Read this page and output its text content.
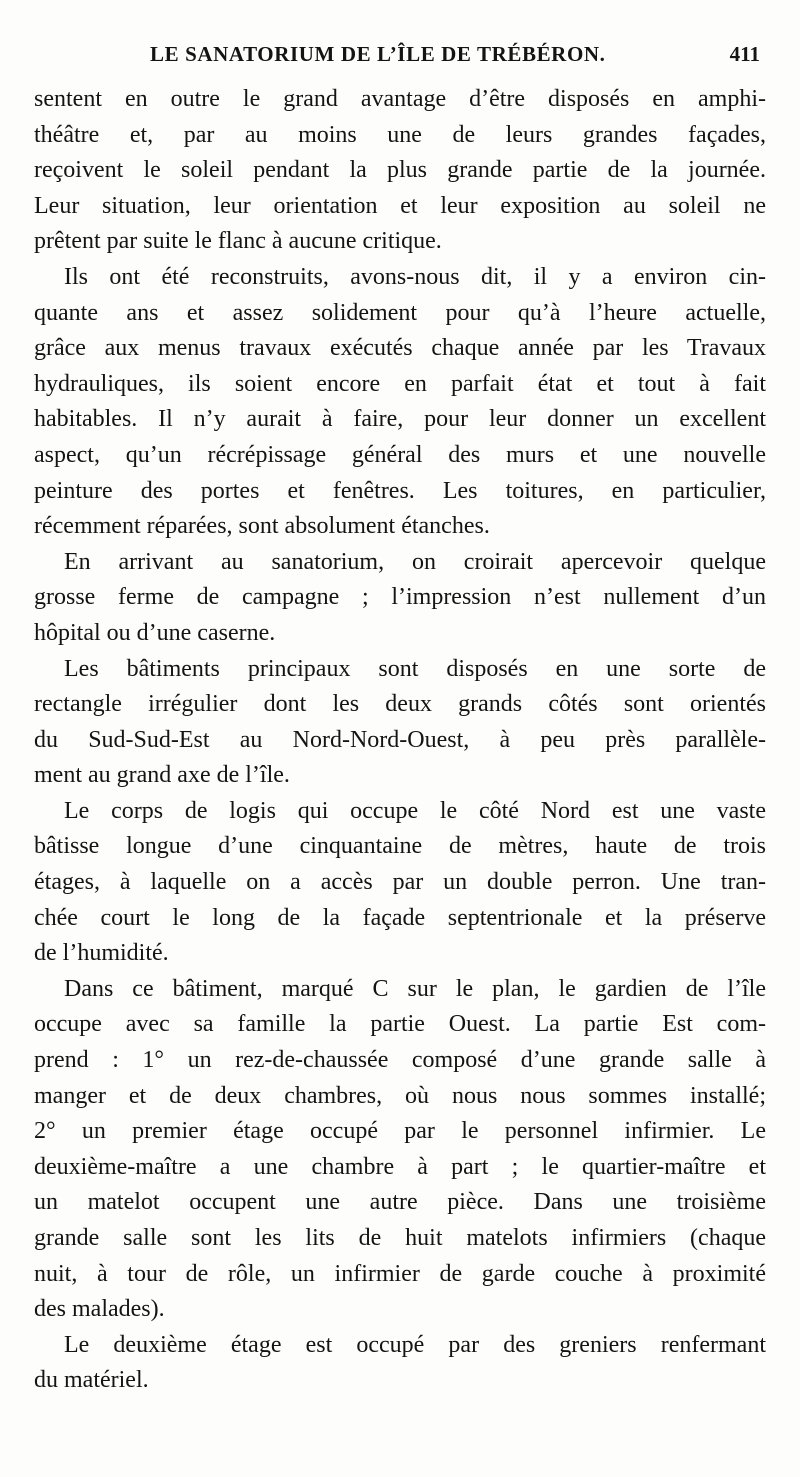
LE SANATORIUM DE L’ÎLE DE TRÉBÉRON.	411
sentent en outre le grand avantage d’être disposés en amphi-
théâtre et, par au moins une de leurs grandes façades,
reçoivent le soleil pendant la plus grande partie de la journée.
Leur situation, leur orientation et leur exposition au soleil ne
prêtent par suite le flanc à aucune critique.
Ils ont été reconstruits, avons-nous dit, il y a environ cin-
quante ans et assez solidement pour qu’à l’heure actuelle,
grâce aux menus travaux exécutés chaque année par les Travaux
hydrauliques, ils soient encore en parfait état et tout à fait
habitables. Il n’y aurait à faire, pour leur donner un excellent
aspect, qu’un récrépissage général des murs et une nouvelle
peinture des portes et fenêtres. Les toitures, en particulier,
récemment réparées, sont absolument étanches.
En arrivant au sanatorium, on croirait apercevoir quelque
grosse ferme de campagne ; l’impression n’est nullement d’un
hôpital ou d’une caserne.
Les bâtiments principaux sont disposés en une sorte de
rectangle irrégulier dont les deux grands côtés sont orientés
du Sud-Sud-Est au Nord-Nord-Ouest, à peu près parallèle-
ment au grand axe de l’île.
Le corps de logis qui occupe le côté Nord est une vaste
bâtisse longue d’une cinquantaine de mètres, haute de trois
étages, à laquelle on a accès par un double perron. Une tran-
chée court le long de la façade septentrionale et la préserve
de l’humidité.
Dans ce bâtiment, marqué C sur le plan, le gardien de l’île
occupe avec sa famille la partie Ouest. La partie Est com-
prend : 1° un rez-de-chaussée composé d’une grande salle à
manger et de deux chambres, où nous nous sommes installé;
2° un premier étage occupé par le personnel infirmier. Le
deuxième-maître a une chambre à part ; le quartier-maître et
un matelot occupent une autre pièce. Dans une troisième
grande salle sont les lits de huit matelots infirmiers (chaque
nuit, à tour de rôle, un infirmier de garde couche à proximité
des malades).
Le deuxième étage est occupé par des greniers renfermant
du matériel.
